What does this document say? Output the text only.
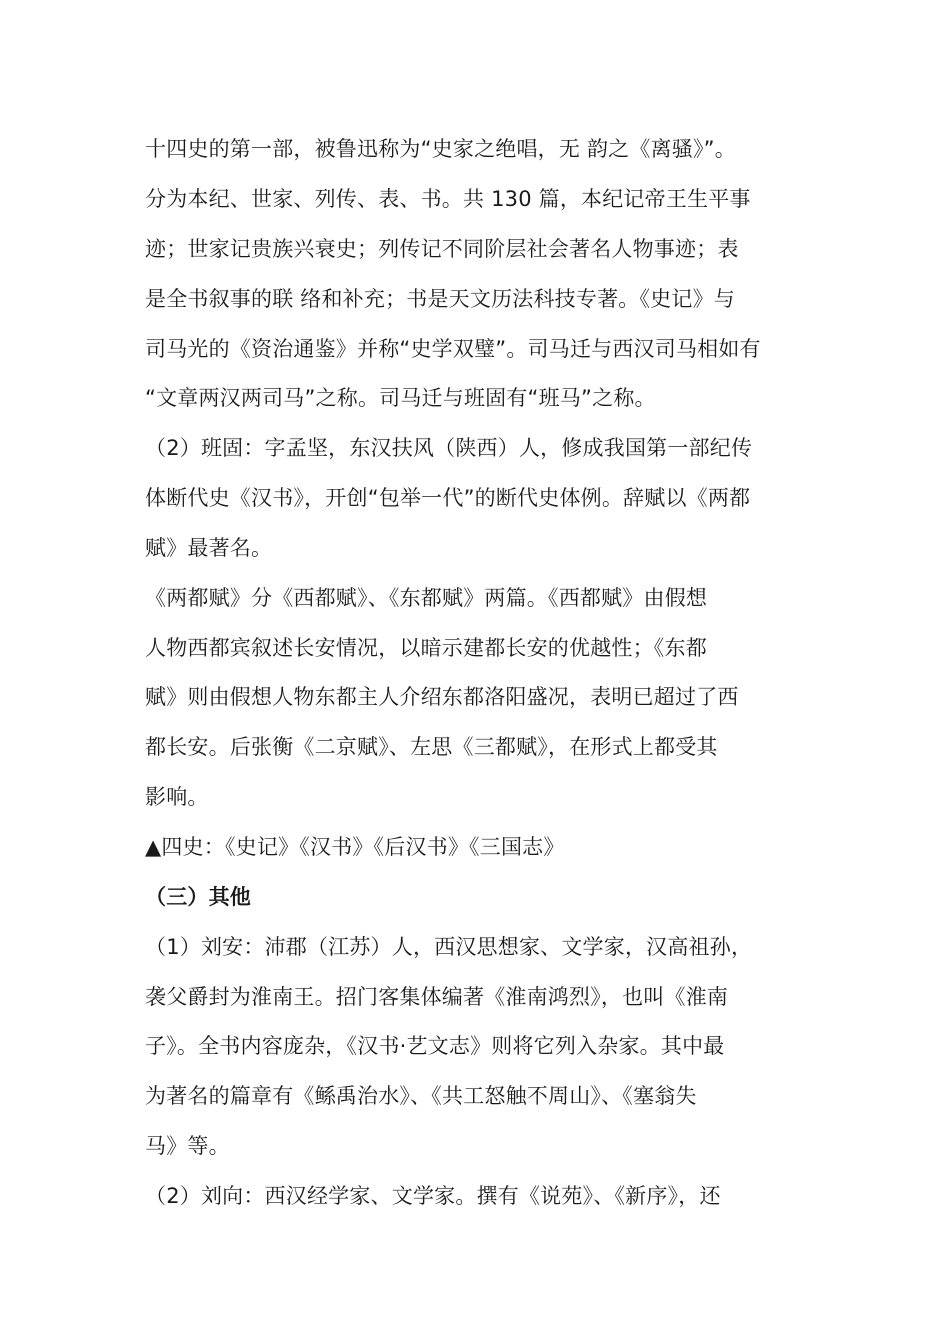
十四史的第一部，被鲁迅称为“史家之绝唱，无 韵之《离骚》”。
分为本纪、世家、列传、表、书。共 130 篇，本纪记帝王生平事
迹；世家记贵族兴衰史；列传记不同阶层社会著名人物事迹；表
是全书叙事的联 络和补充；书是天文历法科技专著。《史记》与
司马光的《资治通鉴》并称“史学双璧”。司马迁与西汉司马相如有
“文章两汉两司马”之称。司马迁与班固有“班马”之称。
（2）班固：字孟坚，东汉扶风（陕西）人，修成我国第一部纪传
体断代史《汉书》，开创“包举一代”的断代史体例。辞赋以《两都
赋》最著名。
《两都赋》分《西都赋》、《东都赋》两篇。《西都赋》由假想
人物西都宾叙述长安情况，以暗示建都长安的优越性；《东都
赋》则由假想人物东都主人介绍东都洛阳盛况，表明已超过了西
都长安。后张衡《二京赋》、左思《三都赋》，在形式上都受其
影响。
▲四史：《史记》《汉书》《后汉书》《三国志》
（三）其他
（1）刘安：沛郡（江苏）人，西汉思想家、文学家，汉高祖孙，
袭父爵封为淮南王。招门客集体编著《淮南鸿烈》，也叫《淮南
子》。全书内容庞杂，《汉书·艺文志》则将它列入杂家。其中最
为著名的篇章有《鲧禹治水》、《共工怒触不周山》、《塞翁失
马》等。
（2）刘向：西汉经学家、文学家。撰有《说苑》、《新序》，还
